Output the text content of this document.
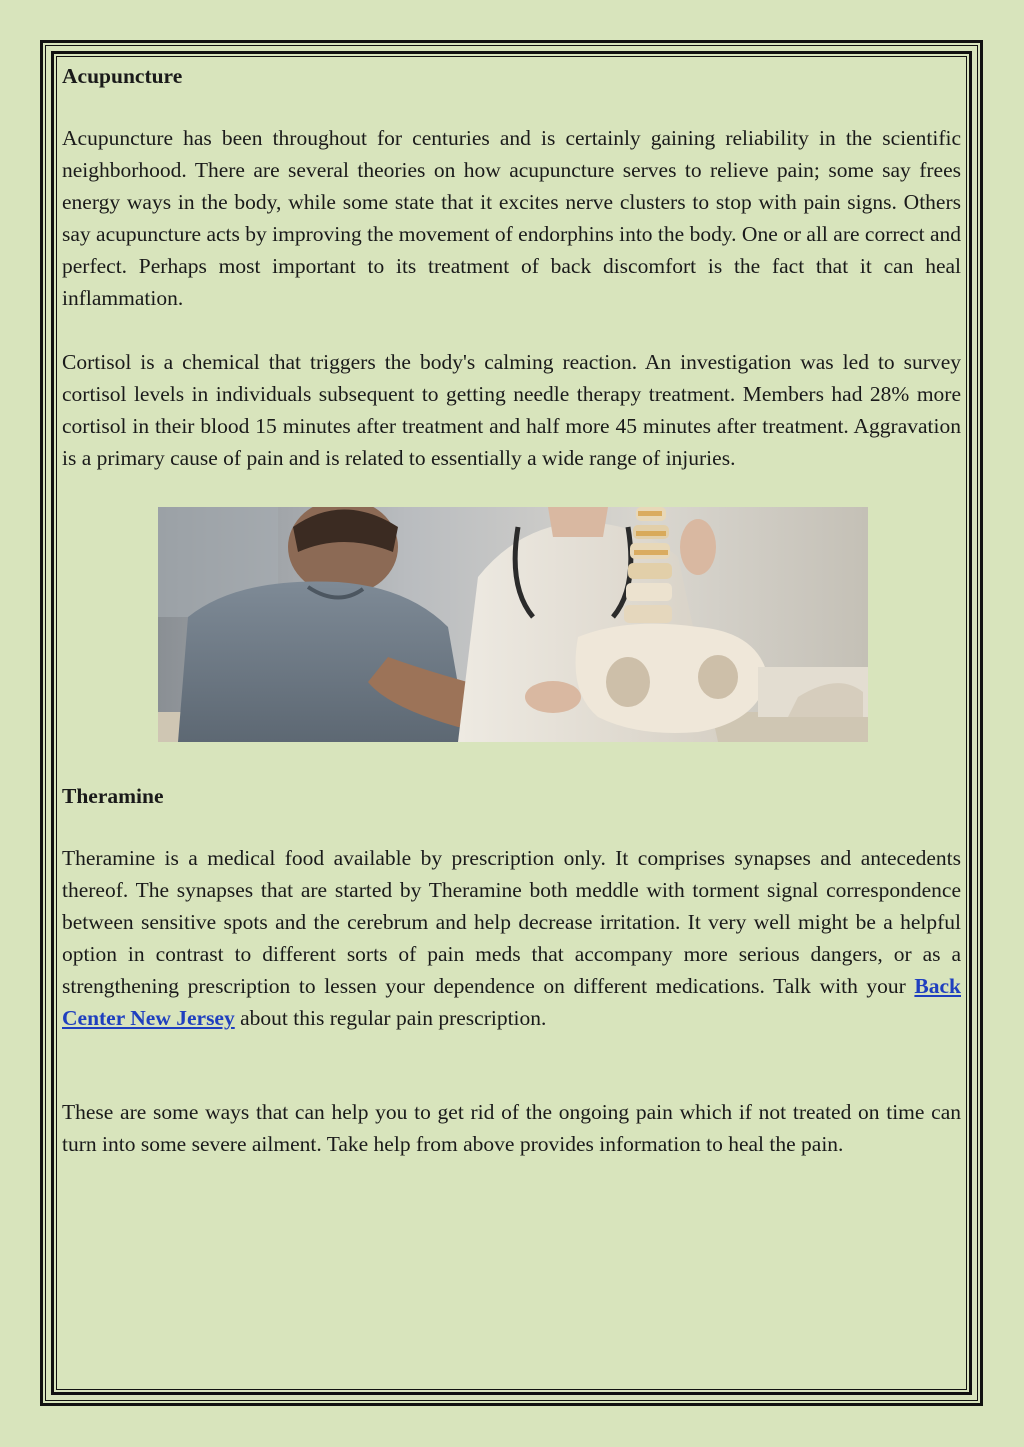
Acupuncture

Acupuncture has been throughout for centuries and is certainly gaining reliability in the scientific neighborhood. There are several theories on how acupuncture serves to relieve pain; some say frees energy ways in the body, while some state that it excites nerve clusters to stop with pain signs. Others say acupuncture acts by improving the movement of endorphins into the body. One or all are correct and perfect. Perhaps most important to its treatment of back discomfort is the fact that it can heal inflammation.

Cortisol is a chemical that triggers the body's calming reaction. An investigation was led to survey cortisol levels in individuals subsequent to getting needle therapy treatment. Members had 28% more cortisol in their blood 15 minutes after treatment and half more 45 minutes after treatment. Aggravation is a primary cause of pain and is related to essentially a wide range of injuries.

Theramine

Theramine is a medical food available by prescription only. It comprises synapses and antecedents thereof. The synapses that are started by Theramine both meddle with torment signal correspondence between sensitive spots and the cerebrum and help decrease irritation. It very well might be a helpful option in contrast to different sorts of pain meds that accompany more serious dangers, or as a strengthening prescription to lessen your dependence on different medications. Talk with your Back Center New Jersey about this regular pain prescription.

These are some ways that can help you to get rid of the ongoing pain which if not treated on time can turn into some severe ailment. Take help from above provides information to heal the pain.
